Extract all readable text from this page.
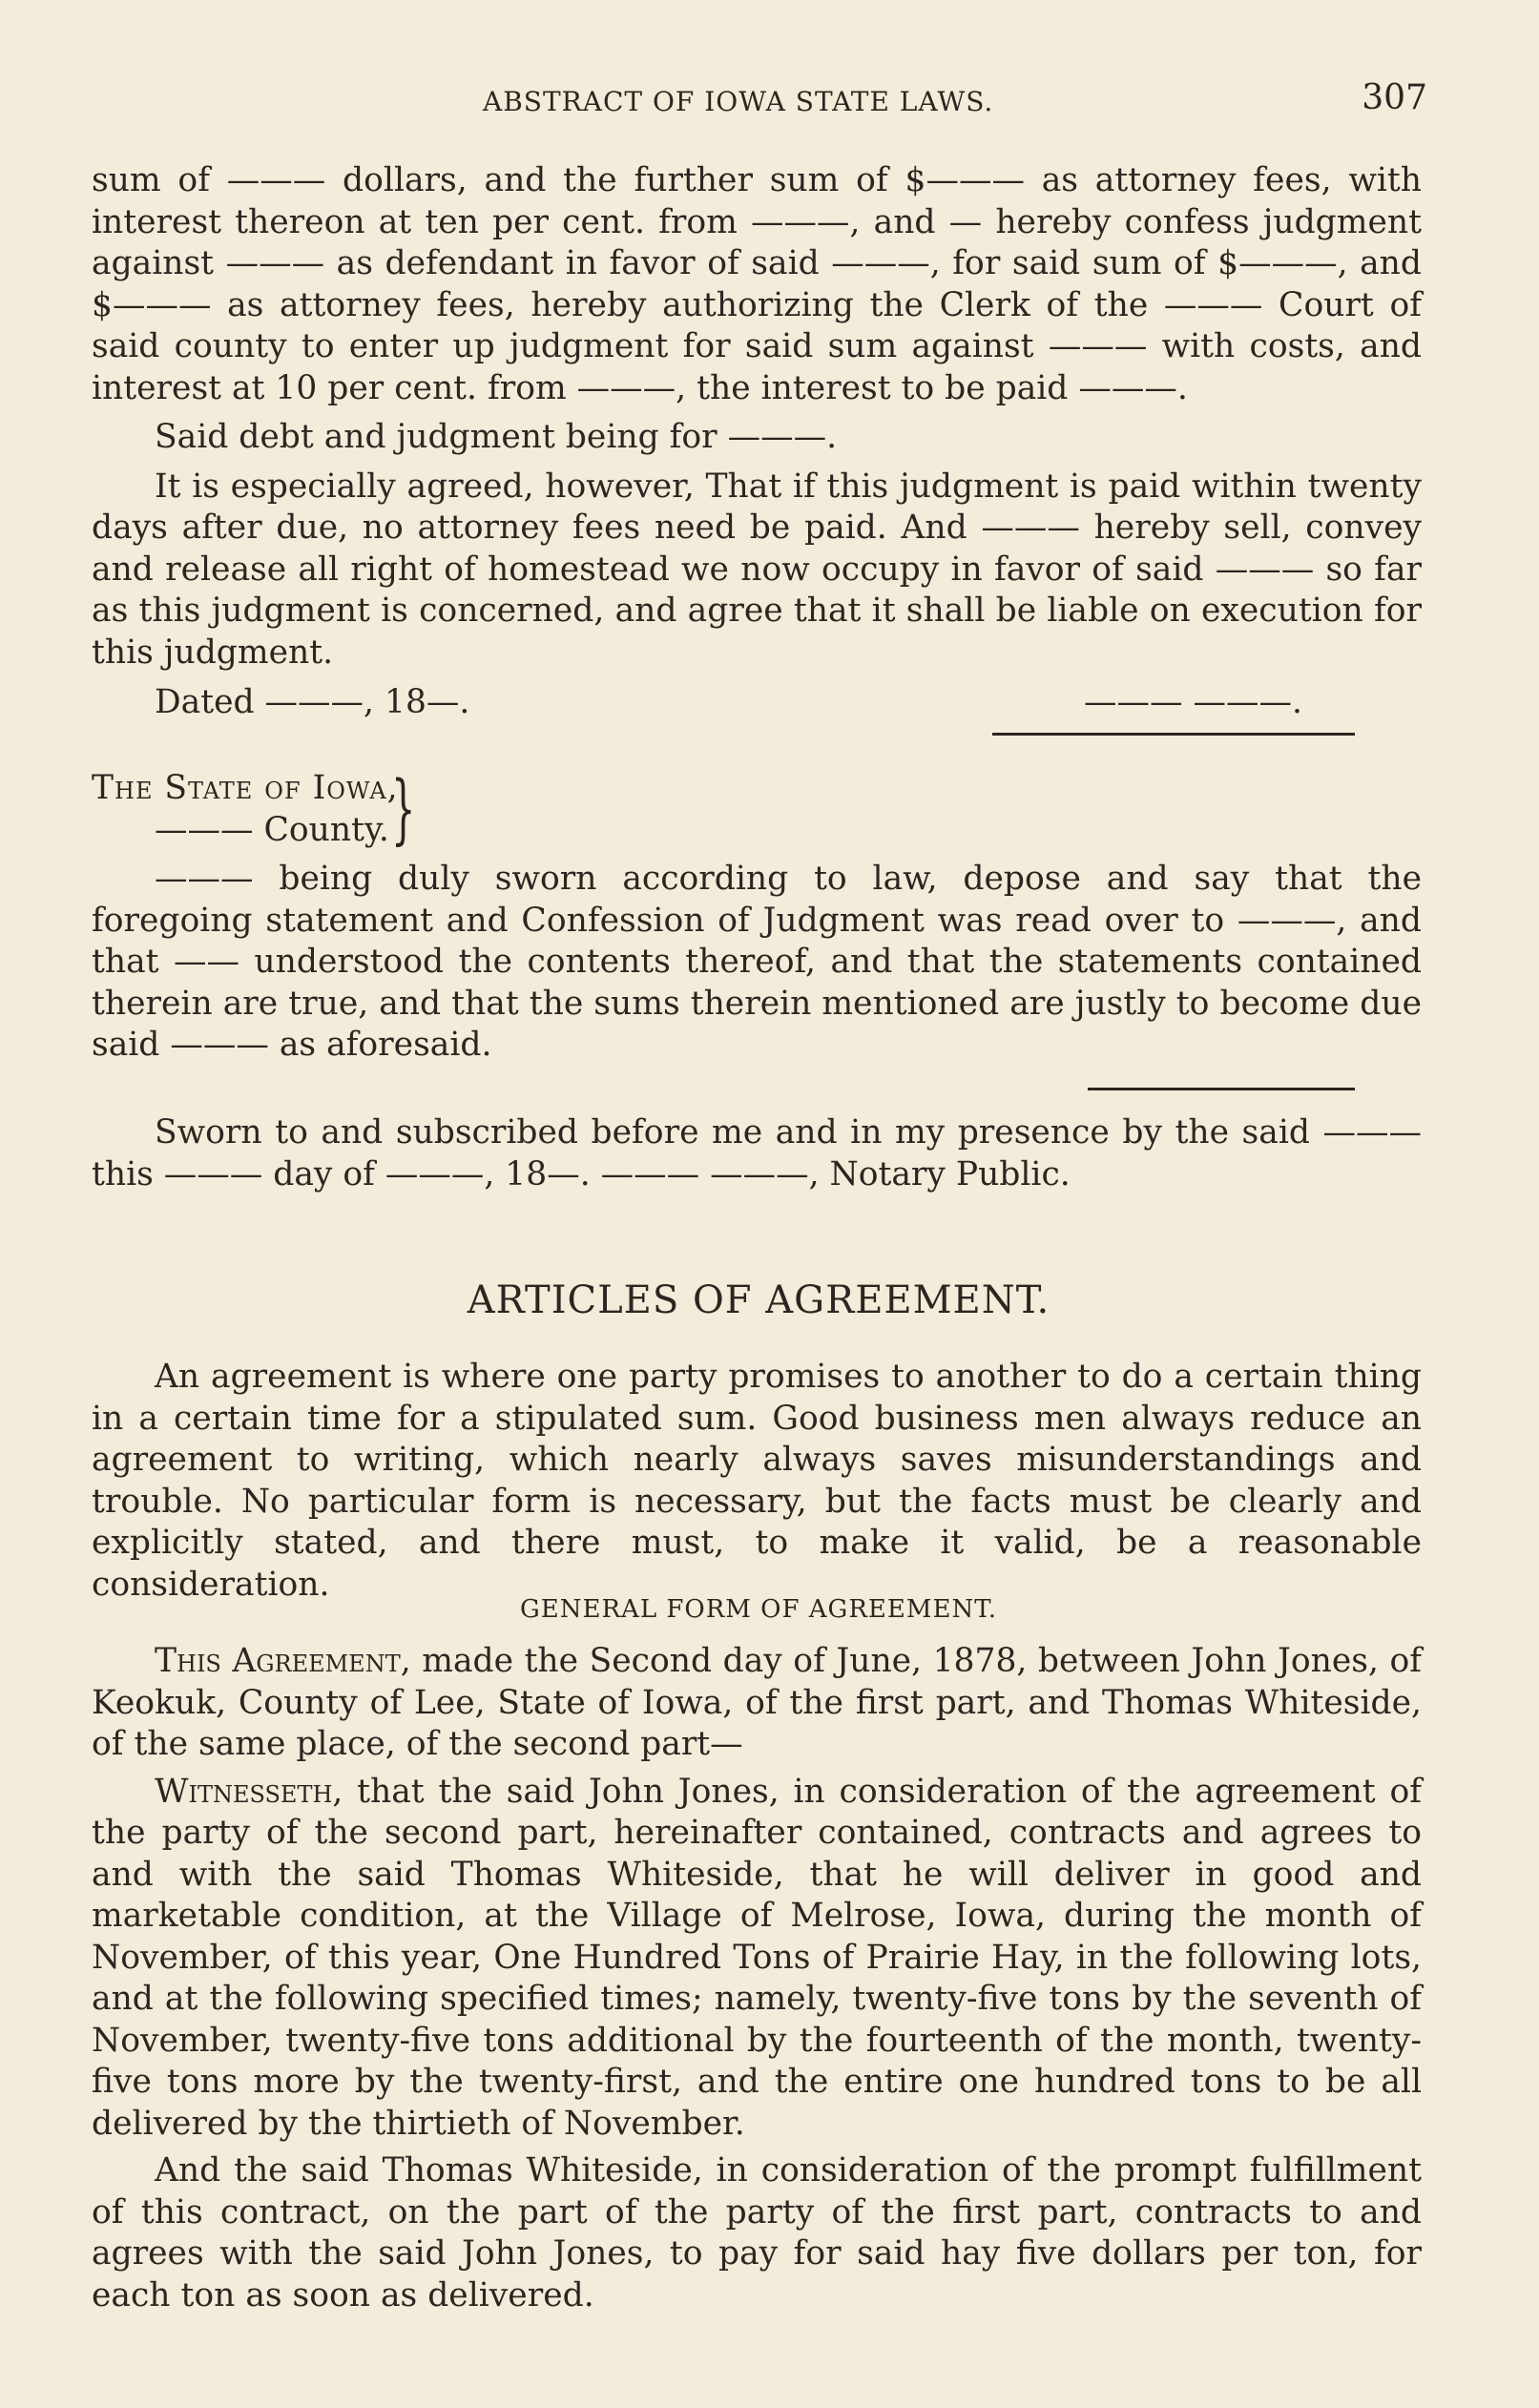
ABSTRACT OF IOWA STATE LAWS.	307

sum of ——— dollars, and the further sum of $——— as attorney fees, with interest thereon at ten per cent. from ———, and — hereby confess judgment against ——— as defendant in favor of said ———, for said sum of $———, and $——— as attorney fees, hereby authorizing the Clerk of the ——— Court of said county to enter up judgment for said sum against ——— with costs, and interest at 10 per cent. from ———, the interest to be paid ———.

Said debt and judgment being for ———.

It is especially agreed, however, That if this judgment is paid within twenty days after due, no attorney fees need be paid. And ——— hereby sell, convey and release all right of homestead we now occupy in favor of said ——— so far as this judgment is concerned, and agree that it shall be liable on execution for this judgment.

Dated ———, 18—.	——— ———.
The State of Iowa,
——— County. }

——— being duly sworn according to law, depose and say that the foregoing statement and Confession of Judgment was read over to ———, and that —— understood the contents thereof, and that the statements contained therein are true, and that the sums therein mentioned are justly to become due said ——— as aforesaid.

Sworn to and subscribed before me and in my presence by the said ——— this ——— day of ———, 18—. ——— ———, Notary Public.

ARTICLES OF AGREEMENT.

An agreement is where one party promises to another to do a certain thing in a certain time for a stipulated sum. Good business men always reduce an agreement to writing, which nearly always saves misunderstandings and trouble. No particular form is necessary, but the facts must be clearly and explicitly stated, and there must, to make it valid, be a reasonable consideration.

GENERAL FORM OF AGREEMENT.

This Agreement, made the Second day of June, 1878, between John Jones, of Keokuk, County of Lee, State of Iowa, of the first part, and Thomas Whiteside, of the same place, of the second part—

Witnesseth, that the said John Jones, in consideration of the agreement of the party of the second part, hereinafter contained, contracts and agrees to and with the said Thomas Whiteside, that he will deliver in good and marketable condition, at the Village of Melrose, Iowa, during the month of November, of this year, One Hundred Tons of Prairie Hay, in the following lots, and at the following specified times; namely, twenty-five tons by the seventh of November, twenty-five tons additional by the fourteenth of the month, twenty-five tons more by the twenty-first, and the entire one hundred tons to be all delivered by the thirtieth of November.

And the said Thomas Whiteside, in consideration of the prompt fulfillment of this contract, on the part of the party of the first part, contracts to and agrees with the said John Jones, to pay for said hay five dollars per ton, for each ton as soon as delivered.
